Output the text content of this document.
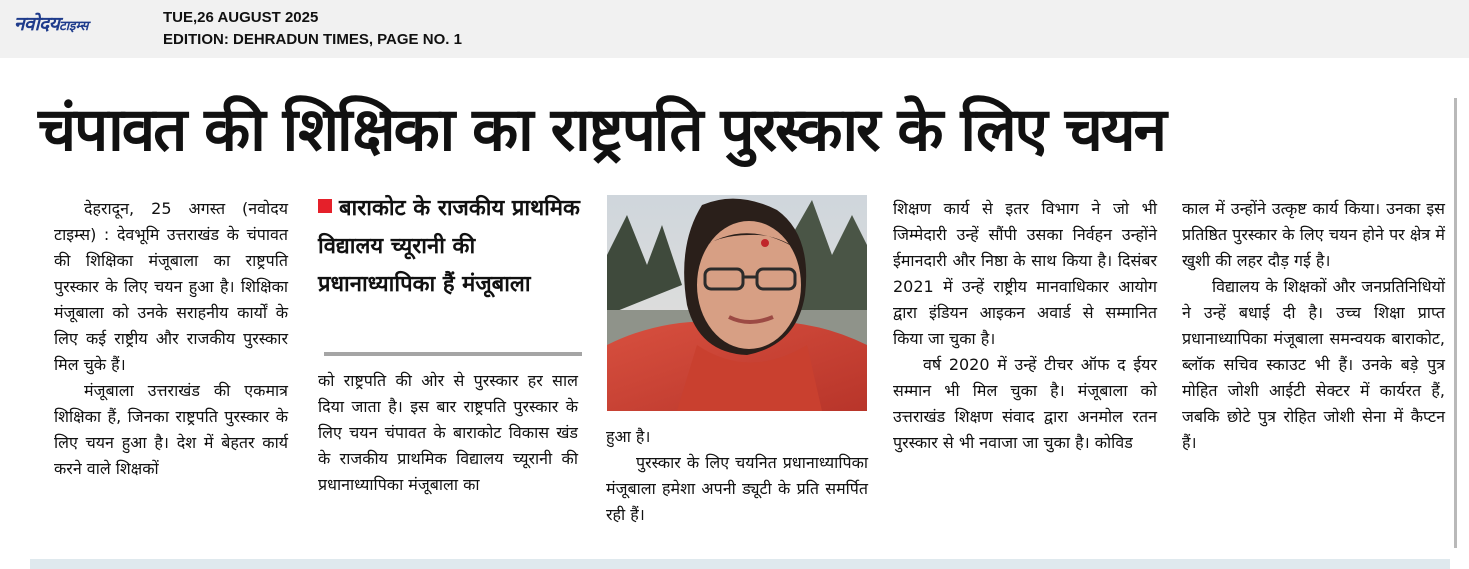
नवोदयटाइम्स
TUE,26 AUGUST 2025
EDITION: DEHRADUN TIMES, PAGE NO. 1
चंपावत की शिक्षिका का राष्ट्रपति पुरस्कार के लिए चयन

देहरादून, 25 अगस्त (नवोदय टाइम्स) : देवभूमि उत्तराखंड के चंपावत की शिक्षिका मंजूबाला का राष्ट्रपति पुरस्कार के लिए चयन हुआ है। शिक्षिका मंजूबाला को उनके सराहनीय कार्यों के लिए कई राष्ट्रीय और राजकीय पुरस्कार मिल चुके हैं।

मंजूबाला उत्तराखंड की एकमात्र शिक्षिका हैं, जिनका राष्ट्रपति पुरस्कार के लिए चयन हुआ है। देश में बेहतर कार्य करने वाले शिक्षकों

बाराकोट के राजकीय प्राथमिक विद्यालय च्यूरानी की प्रधानाध्यापिका हैं मंजूबाला

को राष्ट्रपति की ओर से पुरस्कार हर साल दिया जाता है। इस बार राष्ट्रपति पुरस्कार के लिए चयन चंपावत के बाराकोट विकास खंड के राजकीय प्राथमिक विद्यालय च्यूरानी की प्रधानाध्यापिका मंजूबाला का

हुआ है।

पुरस्कार के लिए चयनित प्रधानाध्यापिका मंजूबाला हमेशा अपनी ड्यूटी के प्रति समर्पित रही हैं।

शिक्षण कार्य से इतर विभाग ने जो भी जिम्मेदारी उन्हें सौंपी उसका निर्वहन उन्होंने ईमानदारी और निष्ठा के साथ किया है। दिसंबर 2021 में उन्हें राष्ट्रीय मानवाधिकार आयोग द्वारा इंडियन आइकन अवार्ड से सम्मानित किया जा चुका है।

वर्ष 2020 में उन्हें टीचर ऑफ द ईयर सम्मान भी मिल चुका है। मंजूबाला को उत्तराखंड शिक्षण संवाद द्वारा अनमोल रतन पुरस्कार से भी नवाजा जा चुका है। कोविड

काल में उन्होंने उत्कृष्ट कार्य किया। उनका इस प्रतिष्ठित पुरस्कार के लिए चयन होने पर क्षेत्र में खुशी की लहर दौड़ गई है।

विद्यालय के शिक्षकों और जनप्रतिनिधियों ने उन्हें बधाई दी है। उच्च शिक्षा प्राप्त प्रधानाध्यापिका मंजूबाला समन्वयक बाराकोट, ब्लॉक सचिव स्काउट भी हैं। उनके बड़े पुत्र मोहित जोशी आईटी सेक्टर में कार्यरत हैं, जबकि छोटे पुत्र रोहित जोशी सेना में कैप्टन हैं।
